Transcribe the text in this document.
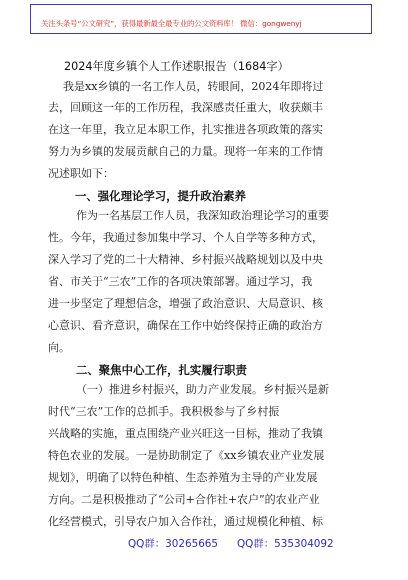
关注头条号“公文研究”，获得最新最全最专业的公文资料库！ 微信：gongwenyj
2024年度乡镇个人工作述职报告（1684字）
我是xx乡镇的一名工作人员，转眼间，2024年即将过
去，回顾这一年的工作历程，我深感责任重大，收获颇丰
在这一年里，我立足本职工作，扎实推进各项政策的落实
努力为乡镇的发展贡献自己的力量。现将一年来的工作情
况述职如下：
一、强化理论学习，提升政治素养
作为一名基层工作人员，我深知政治理论学习的重要
性。今年，我通过参加集中学习、个人自学等多种方式，
深入学习了党的二十大精神、乡村振兴战略规划以及中央
省、市关于“三农”工作的各项决策部署。通过学习，我
进一步坚定了理想信念，增强了政治意识、大局意识、核
心意识、看齐意识，确保在工作中始终保持正确的政治方
向。
二、聚焦中心工作，扎实履行职责
（一）推进乡村振兴，助力产业发展。乡村振兴是新
时代“三农”工作的总抓手。我积极参与了乡村振
兴战略的实施，重点围绕产业兴旺这一目标，推动了我镇
特色农业的发展。一是协助制定了《xx乡镇农业产业发展
规划》，明确了以特色种植、生态养殖为主导的产业发展
方向。二是积极推动了“公司+合作社+农户”的农业产业
化经营模式，引导农户加入合作社，通过规模化种植、标
QQ群：30265665 QQ群：535304092
